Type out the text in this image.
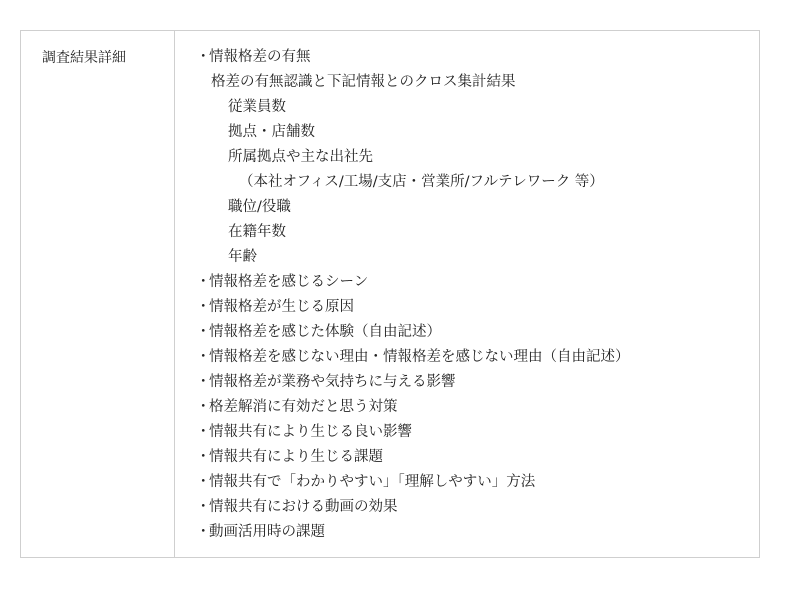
調査結果詳細
・	情報格差の有無
格差の有無認識と下記情報とのクロス集計結果
従業員数
拠点・店舗数
所属拠点や主な出社先
（本社オフィス/工場/支店・営業所/フルテレワーク 等）
職位/役職
在籍年数
年齢
・ 情報格差を感じるシーン
・ 情報格差が生じる原因
・ 情報格差を感じた体験（自由記述）
・ 情報格差を感じない理由・情報格差を感じない理由（自由記述）
・ 情報格差が業務や気持ちに与える影響
・ 格差解消に有効だと思う対策
・ 情報共有により生じる良い影響
・ 情報共有により生じる課題
・ 情報共有で「わかりやすい」「理解しやすい」方法
・ 情報共有における動画の効果
・ 動画活用時の課題
